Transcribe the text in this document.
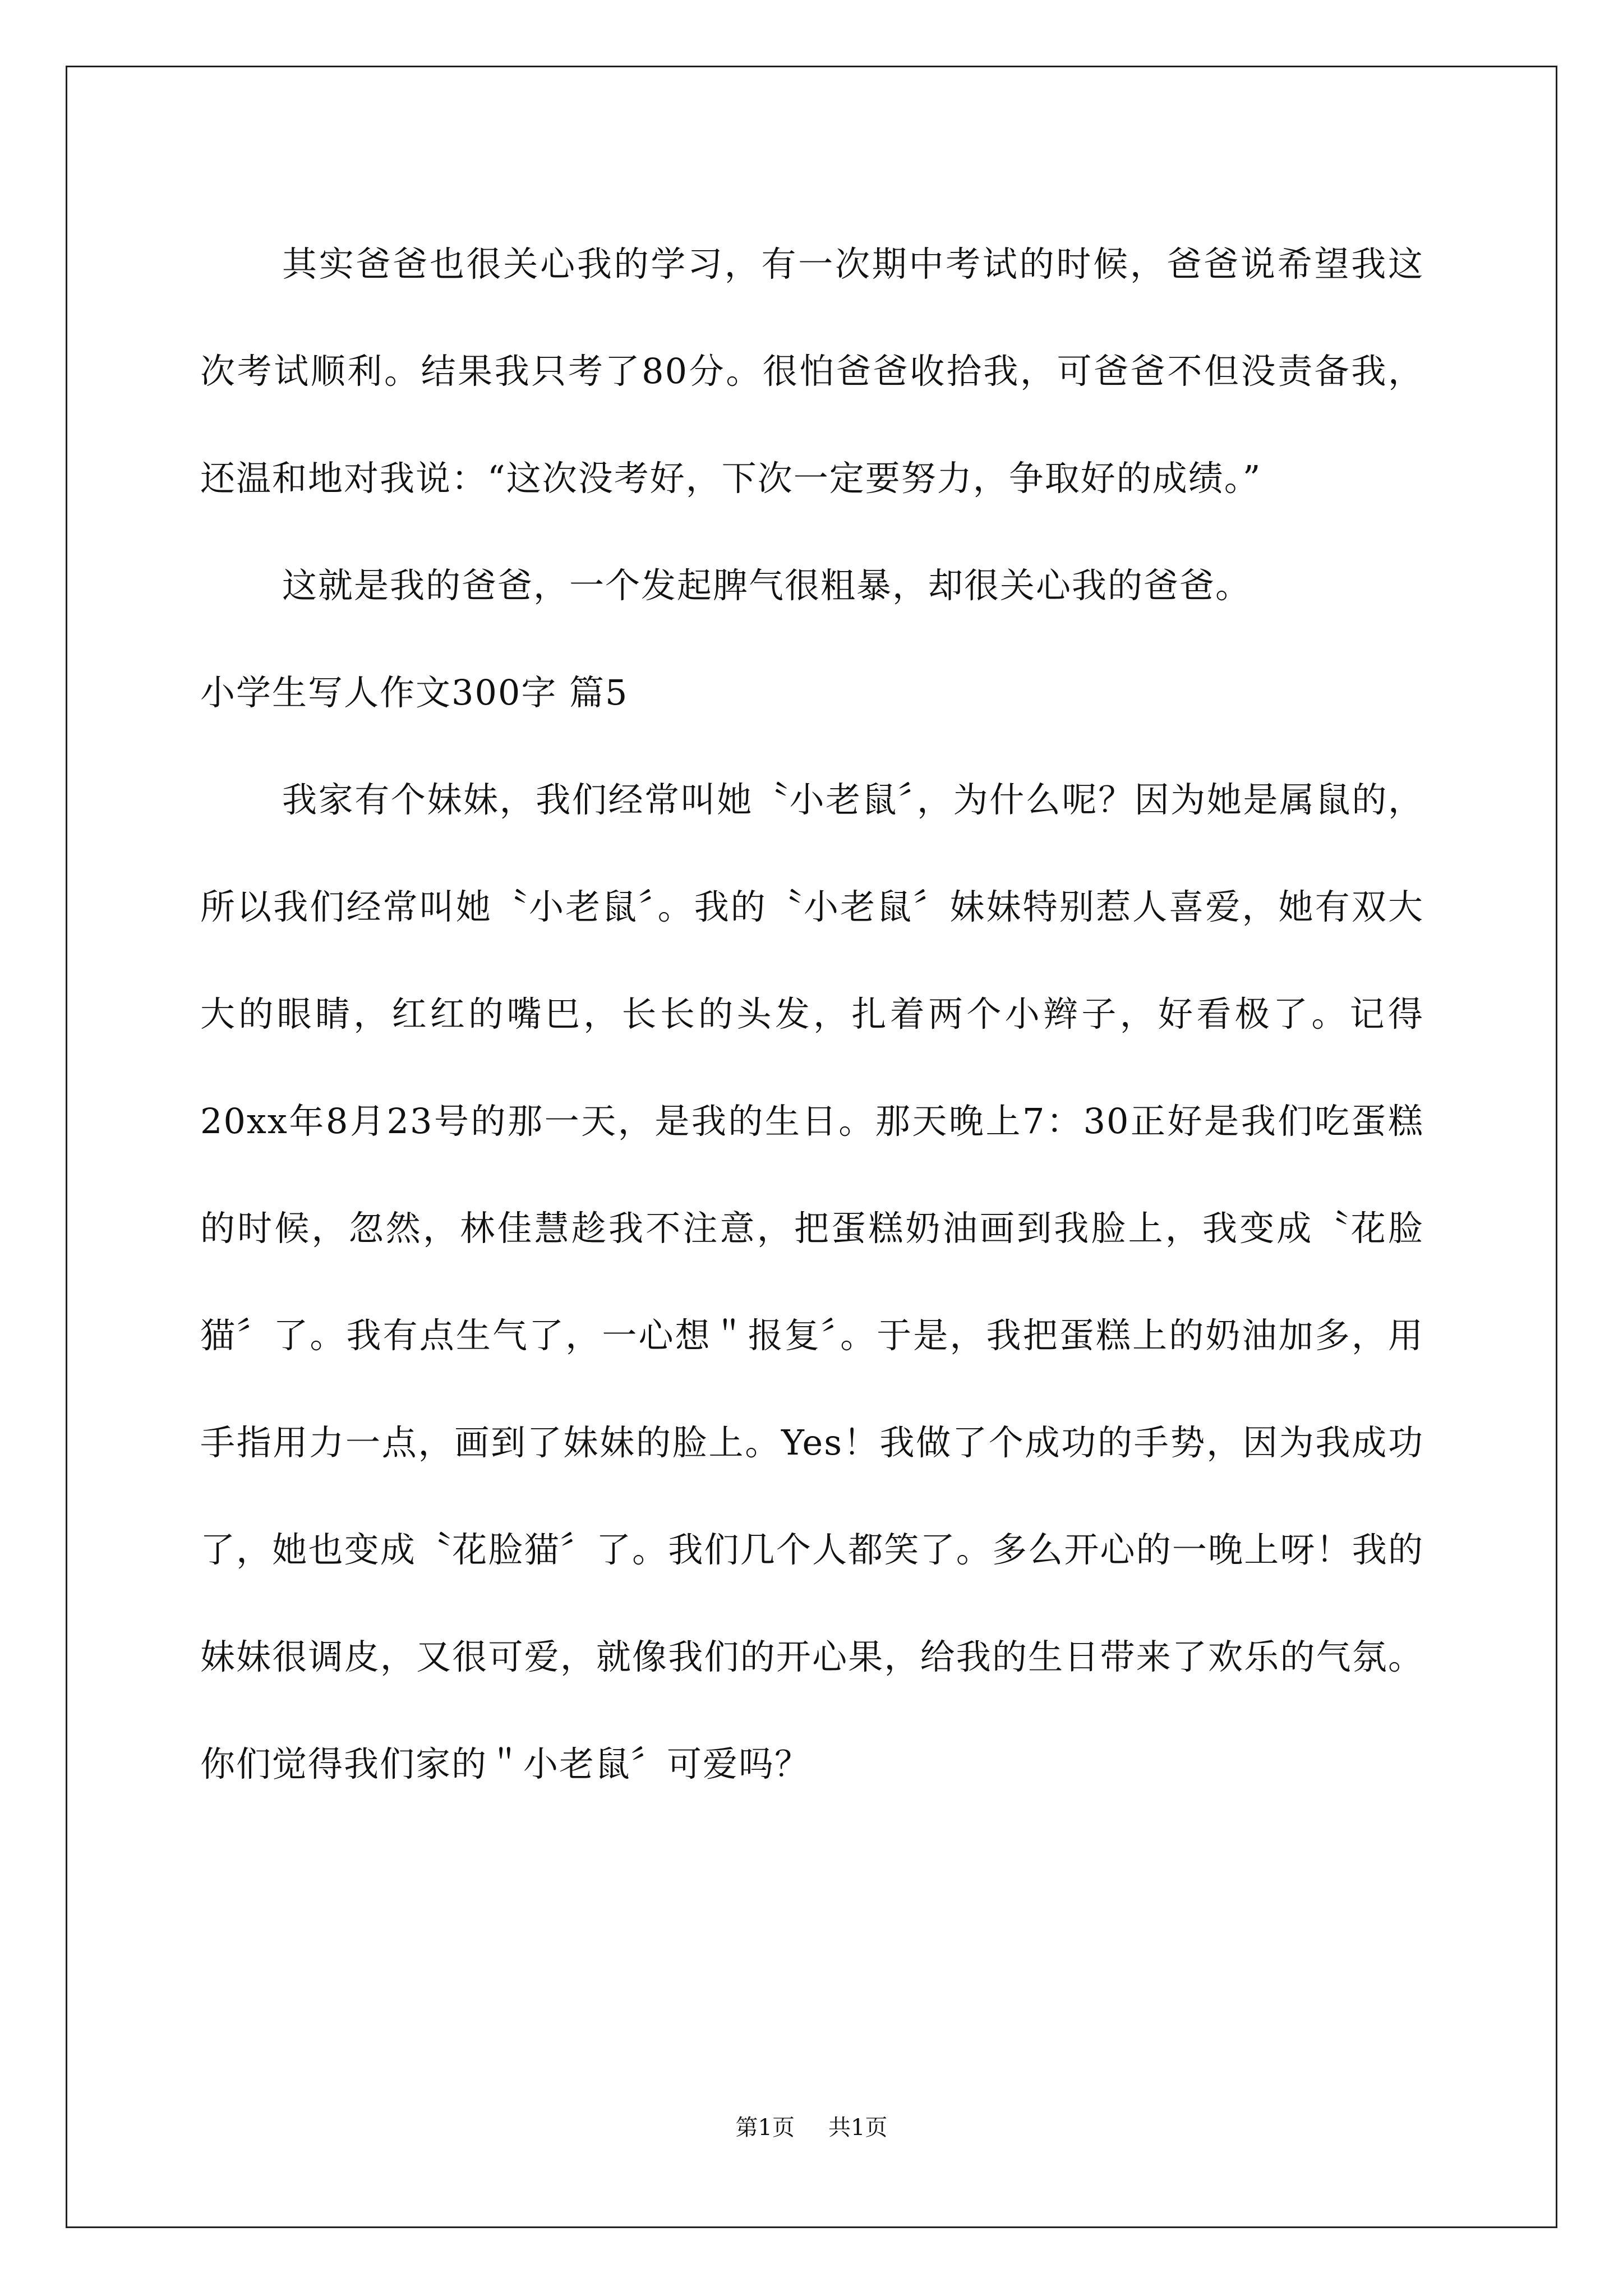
其实爸爸也很关心我的学习，有一次期中考试的时候，爸爸说希望我这次考试顺利。结果我只考了80分。很怕爸爸收拾我，可爸爸不但没责备我，还温和地对我说：“这次没考好，下次一定要努力，争取好的成绩。”

这就是我的爸爸，一个发起脾气很粗暴，却很关心我的爸爸。

小学生写人作文300字 篇5

我家有个妹妹，我们经常叫她〝小老鼠〞，为什么呢？因为她是属鼠的，所以我们经常叫她〝小老鼠〞。我的〝小老鼠〞妹妹特别惹人喜爱，她有双大大的眼睛，红红的嘴巴，长长的头发，扎着两个小辫子，好看极了。记得20xx年8月23号的那一天，是我的生日。那天晚上7：30正好是我们吃蛋糕的时候，忽然，林佳慧趁我不注意，把蛋糕奶油画到我脸上，我变成〝花脸猫〞了。我有点生气了，一心想＂报复〞。于是，我把蛋糕上的奶油加多，用手指用力一点，画到了妹妹的脸上。Yes！我做了个成功的手势，因为我成功了，她也变成〝花脸猫〞了。我们几个人都笑了。多么开心的一晚上呀！我的妹妹很调皮，又很可爱，就像我们的开心果，给我的生日带来了欢乐的气氛。你们觉得我们家的＂小老鼠〞可爱吗？

第1页 共1页
